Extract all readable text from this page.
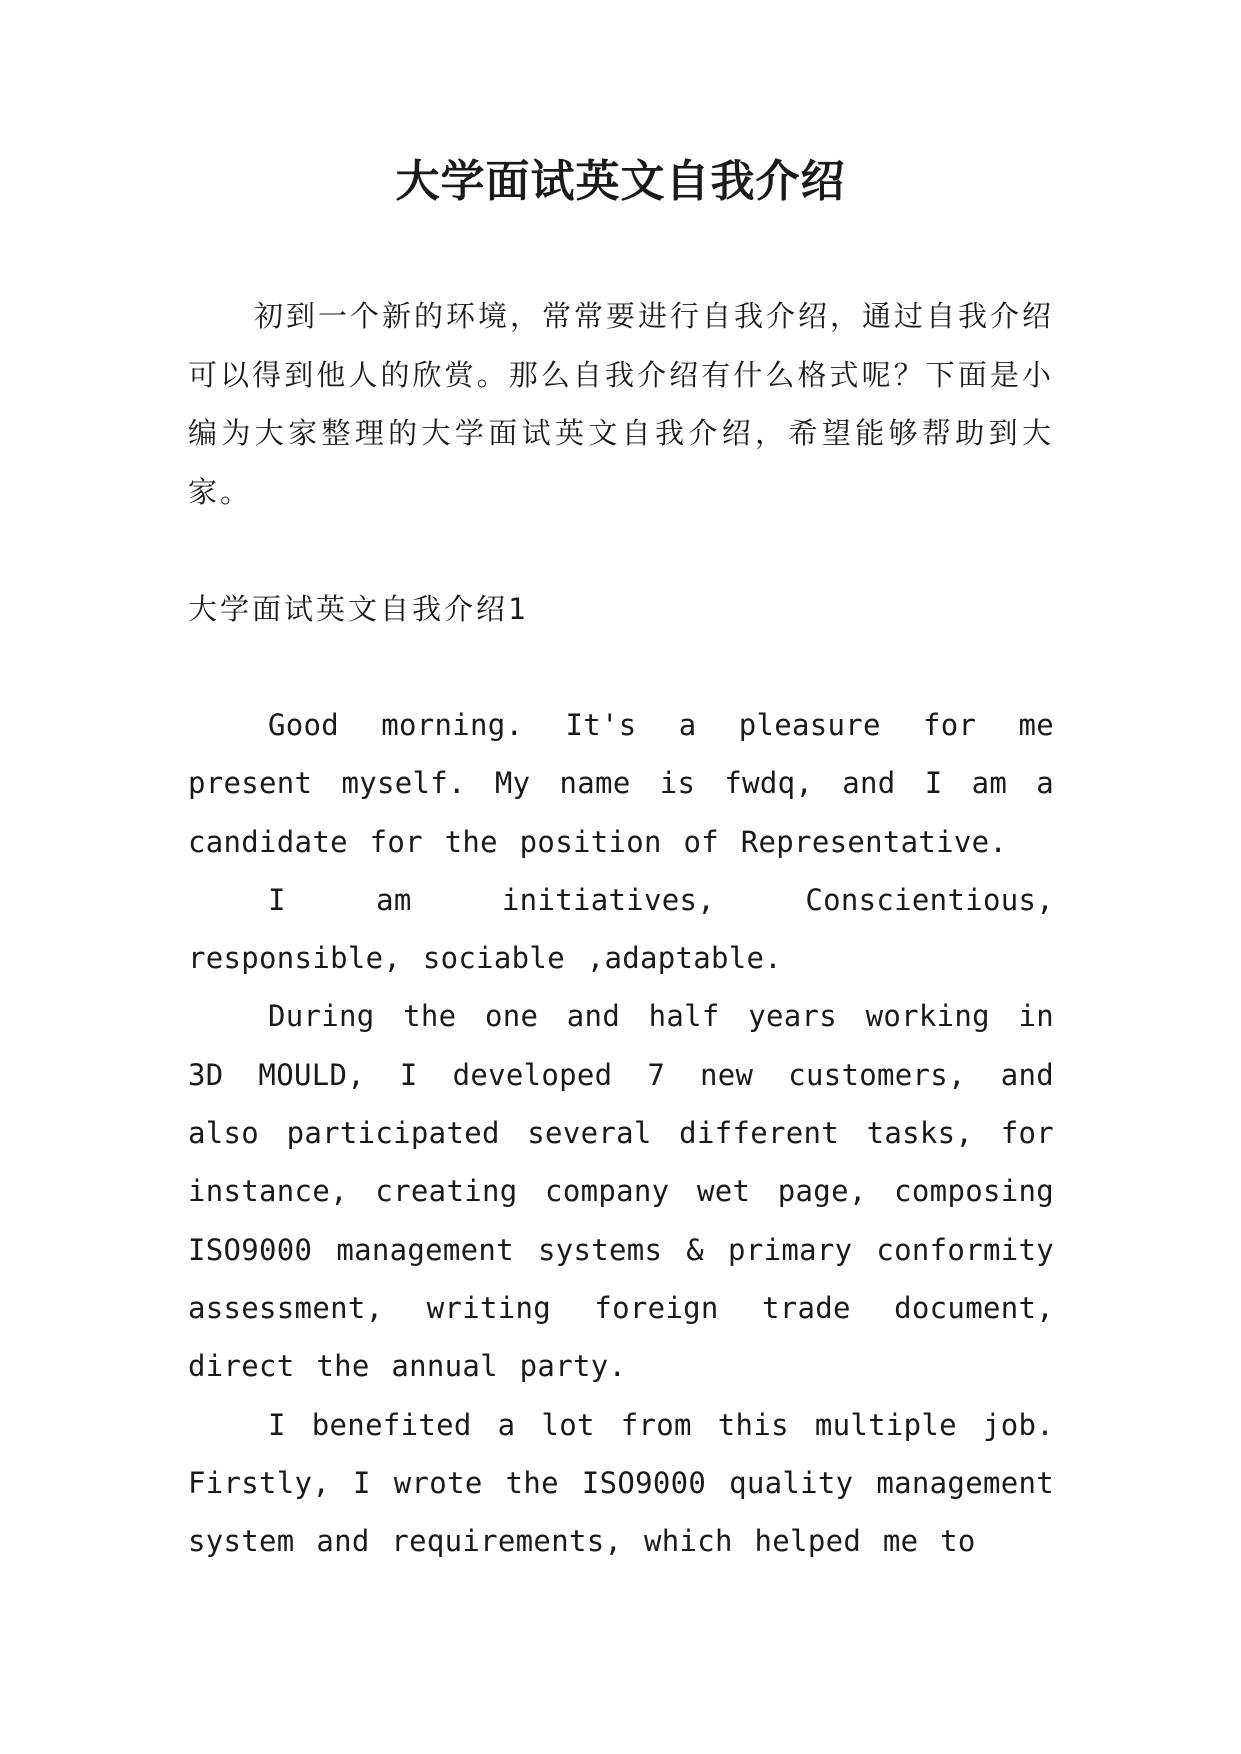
大学面试英文自我介绍

初到一个新的环境，常常要进行自我介绍，通过自我介绍可以得到他人的欣赏。那么自我介绍有什么格式呢？下面是小编为大家整理的大学面试英文自我介绍，希望能够帮助到大家。

大学面试英文自我介绍1

Good morning. It's a pleasure for me present myself. My name is fwdq, and I am a candidate for the position of Representative.

I am initiatives, Conscientious, responsible, sociable ,adaptable.

During the one and half years working in 3D MOULD, I developed 7 new customers, and also participated several different tasks, for instance, creating company wet page, composing ISO9000 management systems & primary conformity assessment, writing foreign trade document, direct the annual party.

I benefited a lot from this multiple job. Firstly, I wrote the ISO9000 quality management system and requirements, which helped me to
